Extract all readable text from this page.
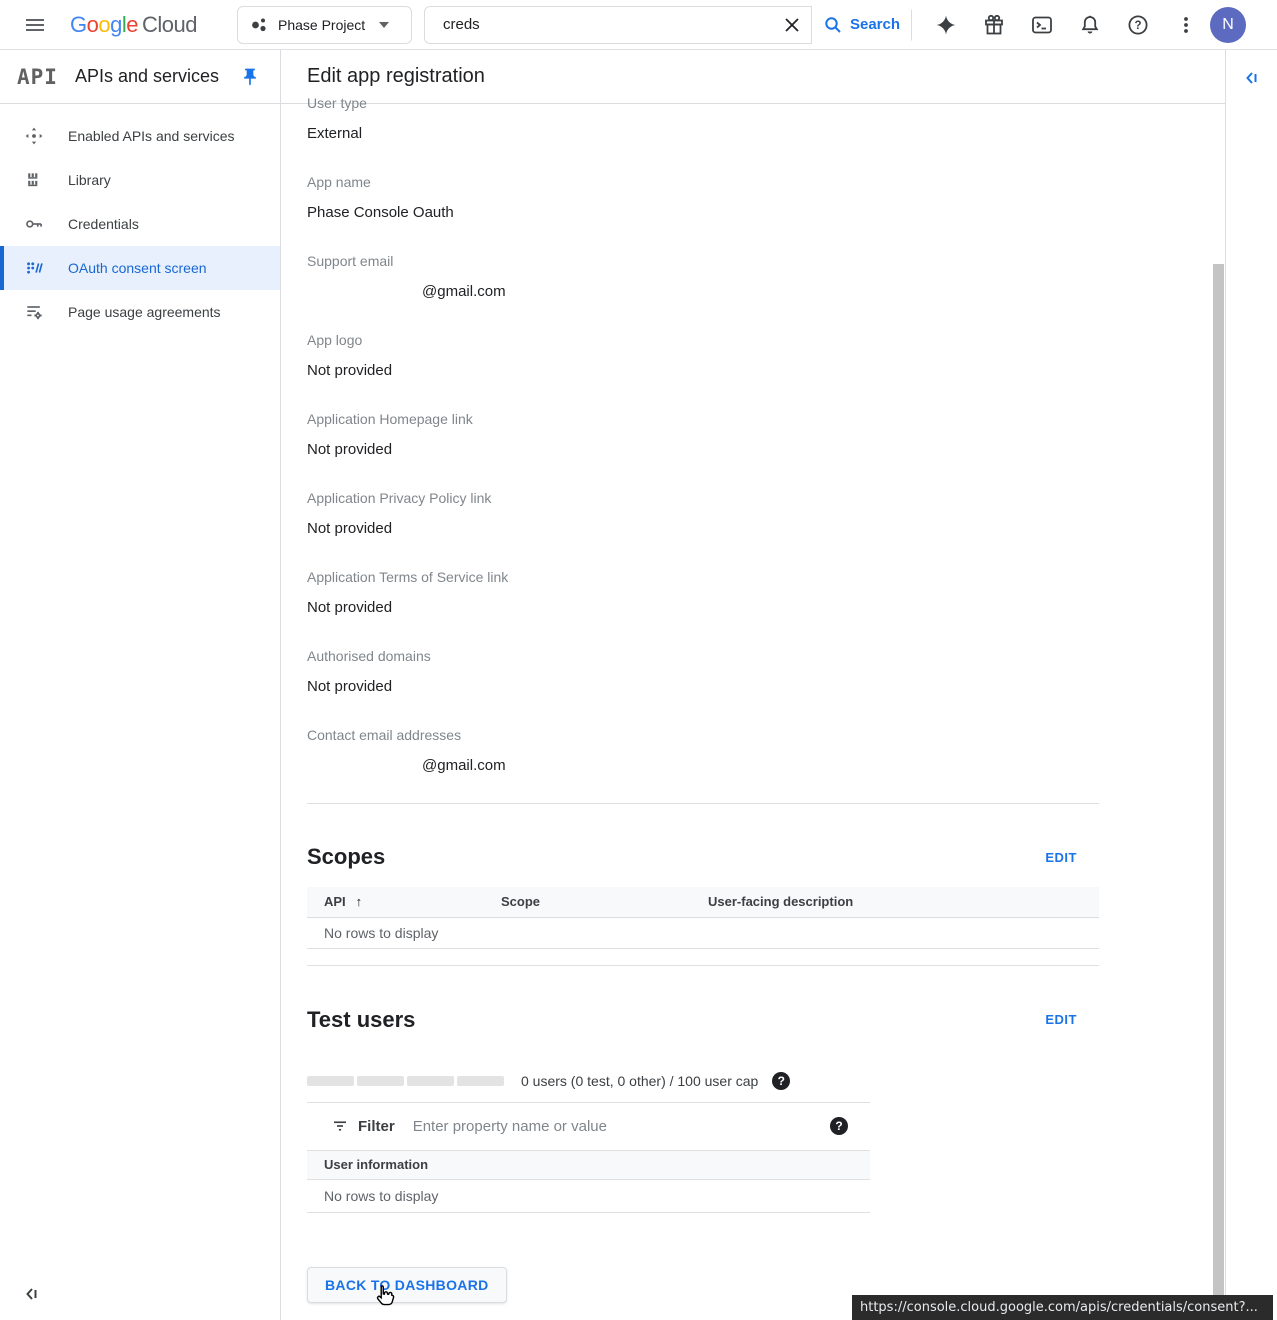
Google Cloud	Phase Project
creds	Search	?	N
API APIs and services
Enabled APIs and services
Library
Credentials
OAuth consent screen
Page usage agreements
Edit app registration
User type
External
App name
Phase Console Oauth
Support email
@gmail.com
App logo
Not provided
Application Homepage link
Not provided
Application Privacy Policy link
Not provided
Application Terms of Service link
Not provided
Authorised domains
Not provided
Contact email addresses
@gmail.com
Scopes	EDIT
API ↑	Scope	User-facing description
No rows to display
Test users	EDIT
0 users (0 test, 0 other) / 100 user cap	?
Filter
Enter property name or value	?
User information
No rows to display
BACK TO DASHBOARD
https://console.cloud.google.com/apis/credentials/consent?...
